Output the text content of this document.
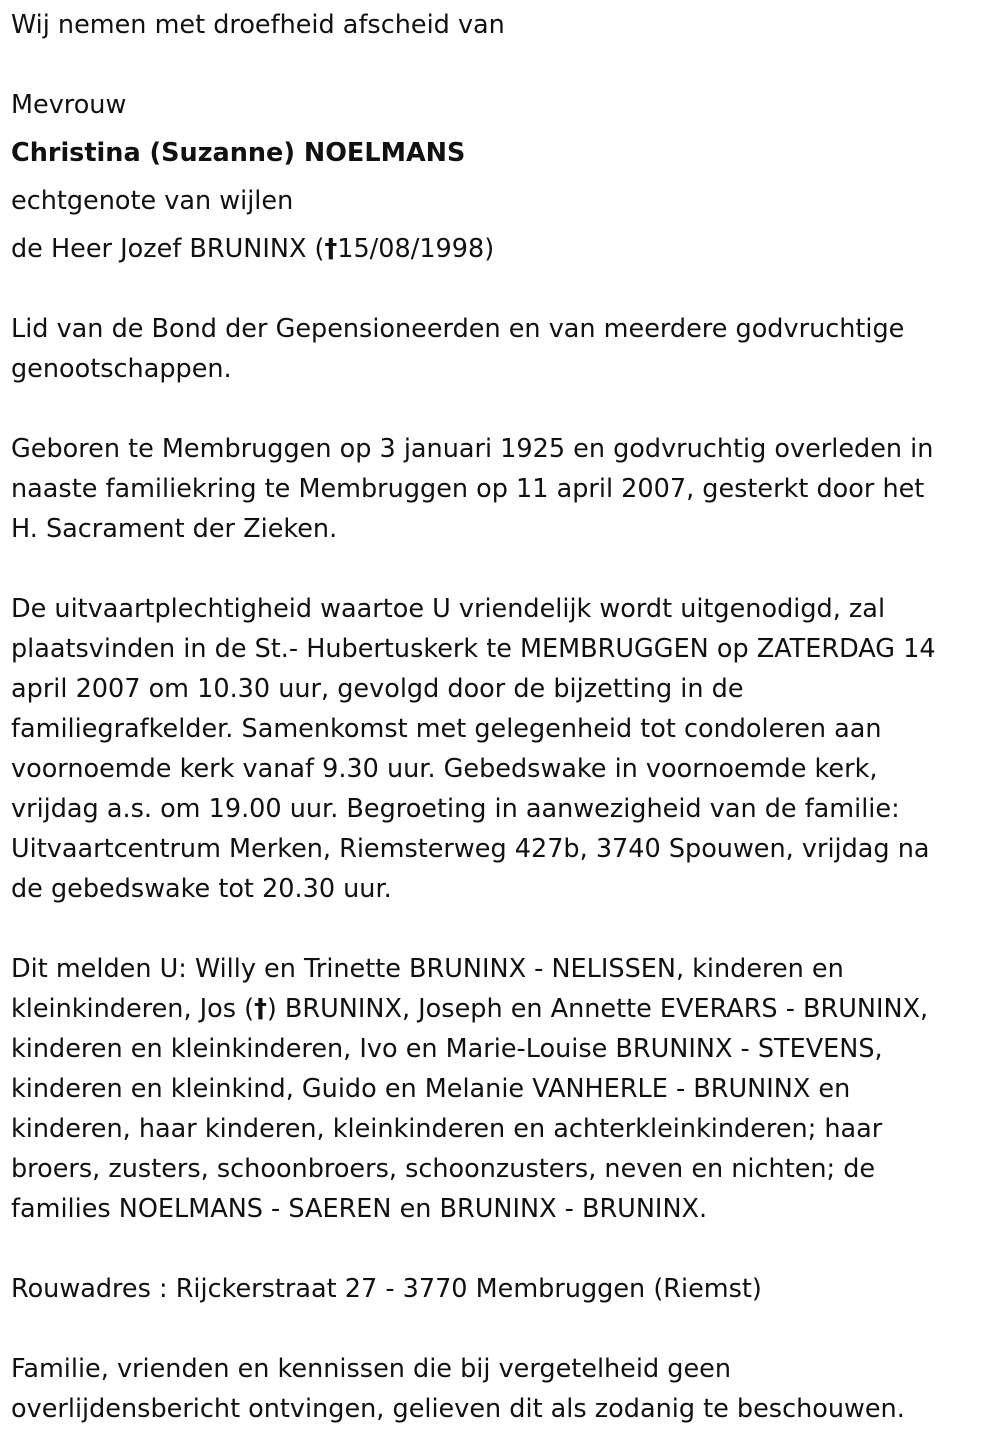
Wij nemen met droefheid afscheid van

Mevrouw

Christina (Suzanne) NOELMANS

echtgenote van wijlen

de Heer Jozef BRUNINX (†15/08/1998)

Lid van de Bond der Gepensioneerden en van meerdere godvruchtige genootschappen.

Geboren te Membruggen op 3 januari 1925 en godvruchtig overleden in

naaste familiekring te Membruggen op 11 april 2007, gesterkt door het

H. Sacrament der Zieken.

De uitvaartplechtigheid waartoe U vriendelijk wordt uitgenodigd, zal

plaatsvinden in de St.- Hubertuskerk te MEMBRUGGEN op ZATERDAG 14

april 2007 om 10.30 uur, gevolgd door de bijzetting in de

familiegrafkelder. Samenkomst met gelegenheid tot condoleren aan

voornoemde kerk vanaf 9.30 uur. Gebedswake in voornoemde kerk,

vrijdag a.s. om 19.00 uur. Begroeting in aanwezigheid van de familie:

Uitvaartcentrum Merken, Riemsterweg 427b, 3740 Spouwen, vrijdag na

de gebedswake tot 20.30 uur.

Dit melden U: Willy en Trinette BRUNINX - NELISSEN, kinderen en

kleinkinderen, Jos (†) BRUNINX, Joseph en Annette EVERARS - BRUNINX,

kinderen en kleinkinderen, Ivo en Marie-Louise BRUNINX - STEVENS,

kinderen en kleinkind, Guido en Melanie VANHERLE - BRUNINX en

kinderen, haar kinderen, kleinkinderen en achterkleinkinderen; haar

broers, zusters, schoonbroers, schoonzusters, neven en nichten; de

families NOELMANS - SAEREN en BRUNINX - BRUNINX.

Rouwadres : Rijckerstraat 27 - 3770 Membruggen (Riemst)

Familie, vrienden en kennissen die bij vergetelheid geen

overlijdensbericht ontvingen, gelieven dit als zodanig te beschouwen.
